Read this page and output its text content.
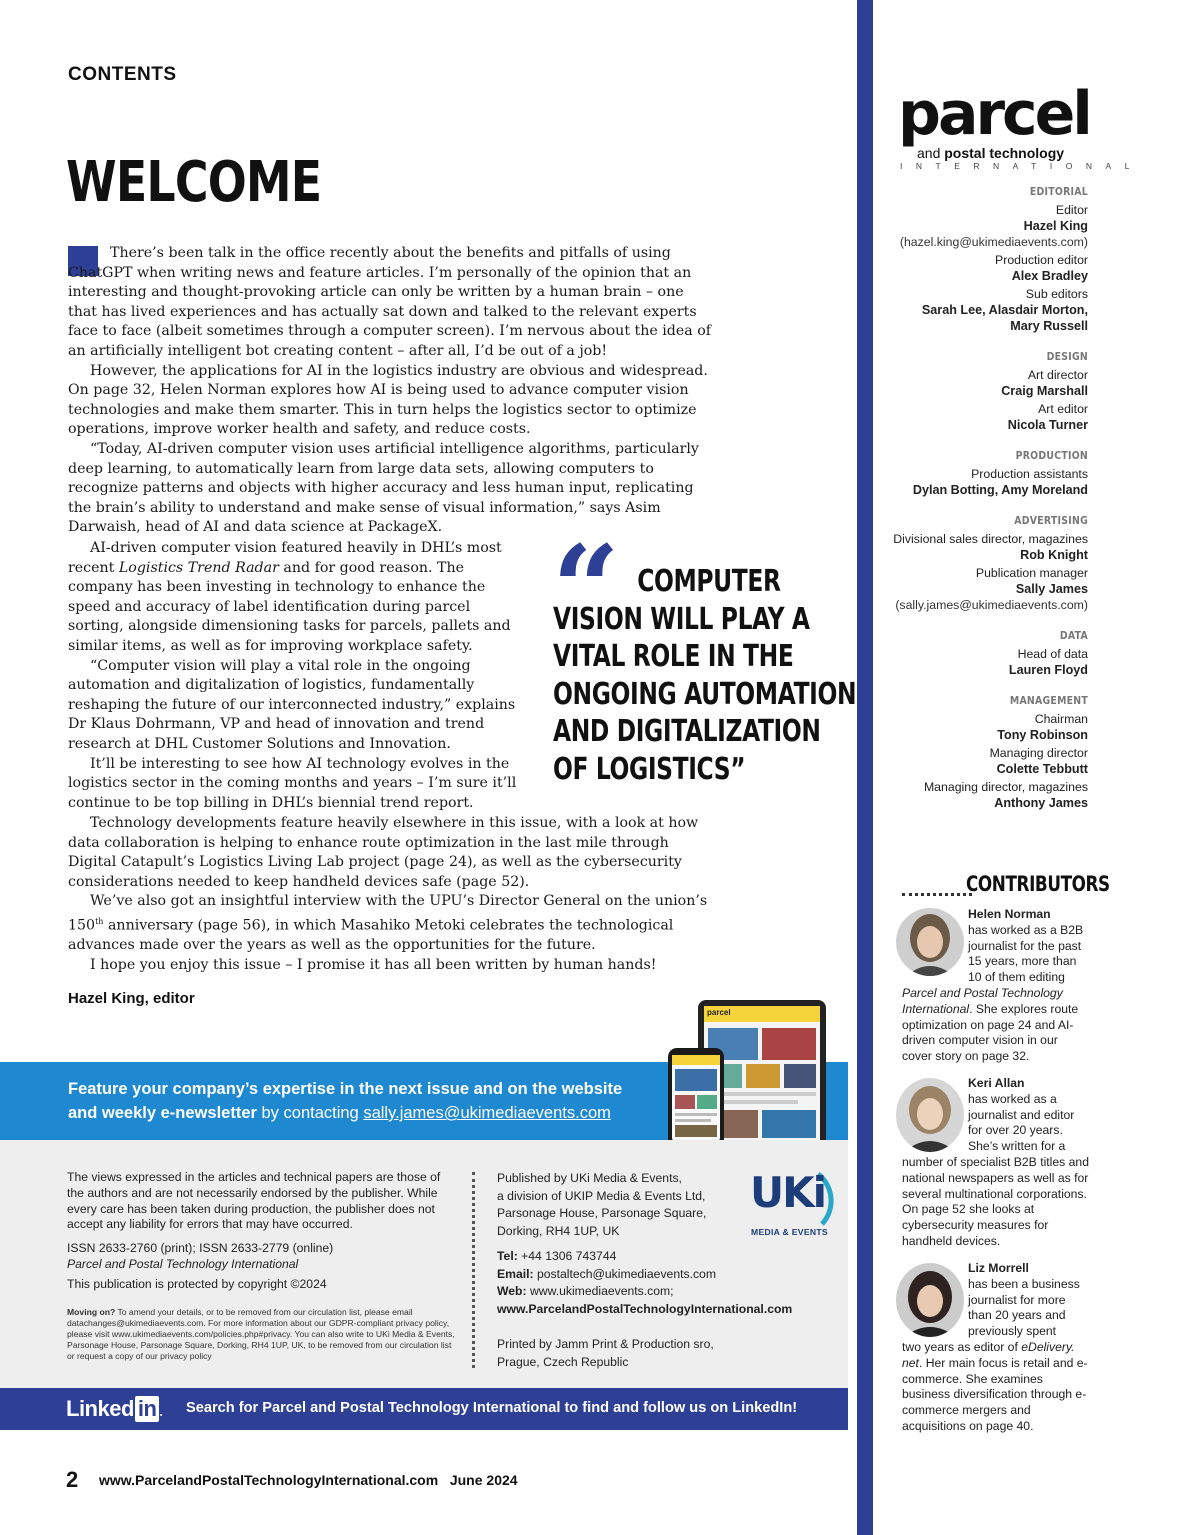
CONTENTS
WELCOME

There’s been talk in the office recently about the benefits and pitfalls of using ChatGPT when writing news and feature articles. I’m personally of the opinion that an interesting and thought-provoking article can only be written by a human brain – one that has lived experiences and has actually sat down and talked to the relevant experts face to face (albeit sometimes through a computer screen). I’m nervous about the idea of an artificially intelligent bot creating content – after all, I’d be out of a job!

However, the applications for AI in the logistics industry are obvious and widespread. On page 32, Helen Norman explores how AI is being used to advance computer vision technologies and make them smarter. This in turn helps the logistics sector to optimize operations, improve worker health and safety, and reduce costs.

“Today, AI-driven computer vision uses artificial intelligence algorithms, particularly deep learning, to automatically learn from large data sets, allowing computers to recognize patterns and objects with higher accuracy and less human input, replicating the brain’s ability to understand and make sense of visual information,” says Asim Darwaish, head of AI and data science at PackageX.

AI-driven computer vision featured heavily in DHL’s most recent Logistics Trend Radar and for good reason. The company has been investing in technology to enhance the speed and accuracy of label identification during parcel sorting, alongside dimensioning tasks for parcels, pallets and similar items, as well as for improving workplace safety.

“Computer vision will play a vital role in the ongoing automation and digitalization of logistics, fundamentally reshaping the future of our interconnected industry,” explains Dr Klaus Dohrmann, VP and head of innovation and trend research at DHL Customer Solutions and Innovation.

It’ll be interesting to see how AI technology evolves in the logistics sector in the coming months and years – I’m sure it’ll continue to be top billing in DHL’s biennial trend report.

“ COMPUTER
VISION WILL PLAY A
VITAL ROLE IN THE
ONGOING AUTOMATION
AND DIGITALIZATION
OF LOGISTICS”

Technology developments feature heavily elsewhere in this issue, with a look at how data collaboration is helping to enhance route optimization in the last mile through Digital Catapult’s Logistics Living Lab project (page 24), as well as the cybersecurity considerations needed to keep handheld devices safe (page 52).

We’ve also got an insightful interview with the UPU’s Director General on the union’s 150th anniversary (page 56), in which Masahiko Metoki celebrates the technological advances made over the years as well as the opportunities for the future.

I hope you enjoy this issue – I promise it has all been written by human hands!

Hazel King, editor
Feature your company’s expertise in the next issue and on the website
and weekly e-newsletter by contacting sally.james@ukimediaevents.com
parcel
The views expressed in the articles and technical papers are those of the authors and are not necessarily endorsed by the publisher. While every care has been taken during production, the publisher does not accept any liability for errors that may have occurred.
ISSN 2633-2760 (print); ISSN 2633-2779 (online)
Parcel and Postal Technology International
This publication is protected by copyright ©2024
Moving on? To amend your details, or to be removed from our circulation list, please email datachanges@ukimediaevents.com. For more information about our GDPR-compliant privacy policy, please visit www.ukimediaevents.com/policies.php#privacy. You can also write to UKi Media & Events, Parsonage House, Parsonage Square, Dorking, RH4 1UP, UK, to be removed from our circulation list or request a copy of our privacy policy
Published by UKi Media & Events,
a division of UKIP Media & Events Ltd,
Parsonage House, Parsonage Square,
Dorking, RH4 1UP, UK
Tel: +44 1306 743744
Email: postaltech@ukimediaevents.com
Web: www.ukimediaevents.com;
www.ParcelandPostalTechnologyInternational.com
Printed by Jamm Print & Production sro,
Prague, Czech Republic
UKi
MEDIA & EVENTS
Linked in . Search for Parcel and Postal Technology International to find and follow us on LinkedIn!
2 www.ParcelandPostalTechnologyInternational.com   June 2024
parcel
and postal technology
INTERNATIONAL
EDITORIAL
Editor
Hazel King
(hazel.king@ukimediaevents.com)
Production editor
Alex Bradley
Sub editors
Sarah Lee, Alasdair Morton,
Mary Russell
DESIGN
Art director
Craig Marshall
Art editor
Nicola Turner
PRODUCTION
Production assistants
Dylan Botting, Amy Moreland
ADVERTISING
Divisional sales director, magazines
Rob Knight
Publication manager
Sally James
(sally.james@ukimediaevents.com)
DATA
Head of data
Lauren Floyd
MANAGEMENT
Chairman
Tony Robinson
Managing director
Colette Tebbutt
Managing director, magazines
Anthony James
CONTRIBUTORS
Helen Norman
has worked as a B2B journalist for the past 15 years, more than 10 of them editing
Parcel and Postal Technology International. She explores route optimization on page 24 and AI-driven computer vision in our cover story on page 32.
Keri Allan
has worked as a journalist and editor for over 20 years. She’s written for a
number of specialist B2B titles and national newspapers as well as for several multinational corporations. On page 52 she looks at cybersecurity measures for handheld devices.
Liz Morrell
has been a business journalist for more than 20 years and previously spent
two years as editor of eDelivery. net. Her main focus is retail and e-commerce. She examines business diversification through e-commerce mergers and acquisitions on page 40.
